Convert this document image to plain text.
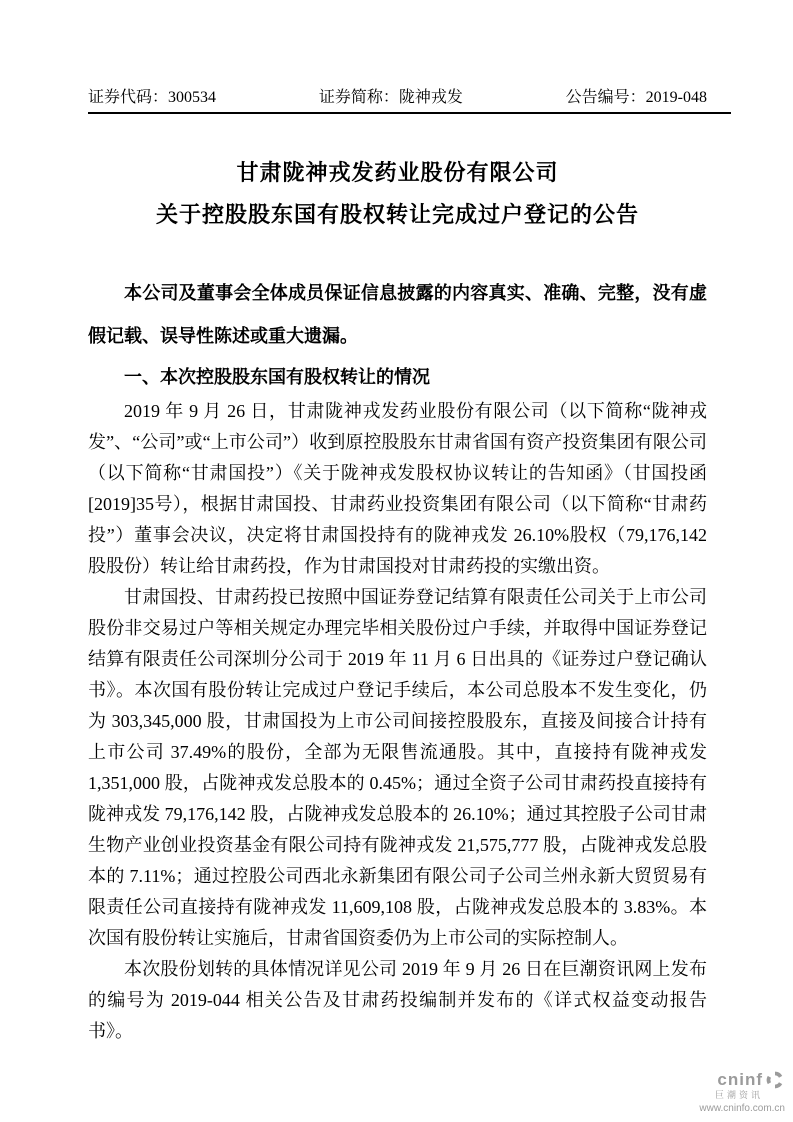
证券代码：300534	证券简称：陇神戎发	公告编号：2019-048
甘肃陇神戎发药业股份有限公司
关于控股股东国有股权转让完成过户登记的公告

本公司及董事会全体成员保证信息披露的内容真实、准确、完整，没有虚假记载、误导性陈述或重大遗漏。

一、本次控股股东国有股权转让的情况

2019 年 9 月 26 日，甘肃陇神戎发药业股份有限公司（以下简称“陇神戎发”、“公司”或“上市公司”）收到原控股股东甘肃省国有资产投资集团有限公司（以下简称“甘肃国投”）《关于陇神戎发股权协议转让的告知函》（甘国投函[2019]35号），根据甘肃国投、甘肃药业投资集团有限公司（以下简称“甘肃药投”）董事会决议，决定将甘肃国投持有的陇神戎发 26.10%股权（79,176,142 股股份）转让给甘肃药投，作为甘肃国投对甘肃药投的实缴出资。

甘肃国投、甘肃药投已按照中国证券登记结算有限责任公司关于上市公司股份非交易过户等相关规定办理完毕相关股份过户手续，并取得中国证券登记结算有限责任公司深圳分公司于 2019 年 11 月 6 日出具的《证券过户登记确认书》。本次国有股份转让完成过户登记手续后，本公司总股本不发生变化，仍为 303,345,000 股，甘肃国投为上市公司间接控股股东，直接及间接合计持有上市公司 37.49%的股份，全部为无限售流通股。其中，直接持有陇神戎发 1,351,000 股，占陇神戎发总股本的 0.45%；通过全资子公司甘肃药投直接持有陇神戎发 79,176,142 股，占陇神戎发总股本的 26.10%；通过其控股子公司甘肃生物产业创业投资基金有限公司持有陇神戎发 21,575,777 股，占陇神戎发总股本的 7.11%；通过控股公司西北永新集团有限公司子公司兰州永新大贸贸易有限责任公司直接持有陇神戎发 11,609,108 股，占陇神戎发总股本的 3.83%。本次国有股份转让实施后，甘肃省国资委仍为上市公司的实际控制人。

本次股份划转的具体情况详见公司 2019 年 9 月 26 日在巨潮资讯网上发布的编号为 2019-044 相关公告及甘肃药投编制并发布的《详式权益变动报告书》。

cninf
巨潮资讯
www.cninfo.com.cn
